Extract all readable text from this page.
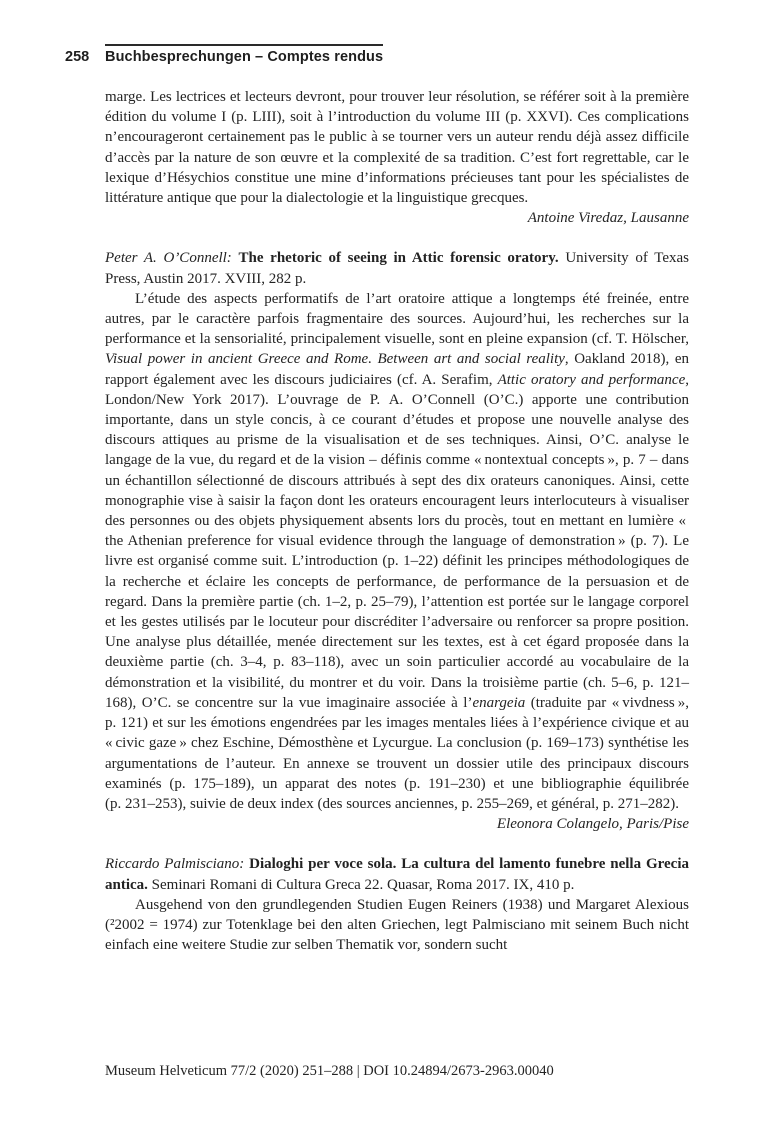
258	Buchbesprechungen – Comptes rendus

marge. Les lectrices et lecteurs devront, pour trouver leur résolution, se référer soit à la première édition du volume I (p. LIII), soit à l’introduction du volume III (p. XXVI). Ces complications n’encourageront certainement pas le public à se tourner vers un auteur rendu déjà assez difficile d’accès par la nature de son œuvre et la complexité de sa tradition. C’est fort regrettable, car le lexique d’Hésychios constitue une mine d’informations précieuses tant pour les spécialistes de littérature antique que pour la dialectologie et la linguistique grecques.

Antoine Viredaz, Lausanne

Peter A. O’Connell: The rhetoric of seeing in Attic forensic oratory. University of Texas Press, Austin 2017. XVIII, 282 p.

L’étude des aspects performatifs de l’art oratoire attique a longtemps été freinée, entre autres, par le caractère parfois fragmentaire des sources. Aujourd’hui, les recherches sur la performance et la sensorialité, principalement visuelle, sont en pleine expansion (cf. T. Hölscher, Visual power in ancient Greece and Rome. Between art and social reality, Oakland 2018), en rapport également avec les discours judiciaires (cf. A. Serafim, Attic oratory and performance, London/New York 2017). L’ouvrage de P. A. O’Connell (O’C.) apporte une contribution importante, dans un style concis, à ce courant d’études et propose une nouvelle analyse des discours attiques au prisme de la visualisation et de ses techniques. Ainsi, O’C. analyse le langage de la vue, du regard et de la vision – définis comme « nontextual concepts », p. 7 – dans un échantillon sélectionné de discours attribués à sept des dix orateurs canoniques. Ainsi, cette monographie vise à saisir la façon dont les orateurs encouragent leurs interlocuteurs à visualiser des personnes ou des objets physiquement absents lors du procès, tout en mettant en lumière « the Athenian preference for visual evidence through the language of demonstration » (p. 7). Le livre est organisé comme suit. L’introduction (p. 1–22) définit les principes méthodologiques de la recherche et éclaire les concepts de performance, de performance de la persuasion et de regard. Dans la première partie (ch. 1–2, p. 25–79), l’attention est portée sur le langage corporel et les gestes utilisés par le locuteur pour discréditer l’adversaire ou renforcer sa propre position. Une analyse plus détaillée, menée directement sur les textes, est à cet égard proposée dans la deuxième partie (ch. 3–4, p. 83–118), avec un soin particulier accordé au vocabulaire de la démonstration et la visibilité, du montrer et du voir. Dans la troisième partie (ch. 5–6, p. 121–168), O’C. se concentre sur la vue imaginaire associée à l’enargeia (traduite par « vivdness », p. 121) et sur les émotions engendrées par les images mentales liées à l’expérience civique et au « civic gaze » chez Eschine, Démosthène et Lycurgue. La conclusion (p. 169–173) synthétise les argumentations de l’auteur. En annexe se trouvent un dossier utile des principaux discours examinés (p. 175–189), un apparat des notes (p. 191–230) et une bibliographie équilibrée (p. 231–253), suivie de deux index (des sources anciennes, p. 255–269, et général, p. 271–282).

Eleonora Colangelo, Paris/Pise

Riccardo Palmisciano: Dialoghi per voce sola. La cultura del lamento funebre nella Grecia antica. Seminari Romani di Cultura Greca 22. Quasar, Roma 2017. IX, 410 p.

Ausgehend von den grundlegenden Studien Eugen Reiners (1938) und Margaret Alexious (²2002 = 1974) zur Totenklage bei den alten Griechen, legt Palmisciano mit seinem Buch nicht einfach eine weitere Studie zur selben Thematik vor, sondern sucht

Museum Helveticum 77/2 (2020) 251–288 | DOI 10.24894/2673-2963.00040
